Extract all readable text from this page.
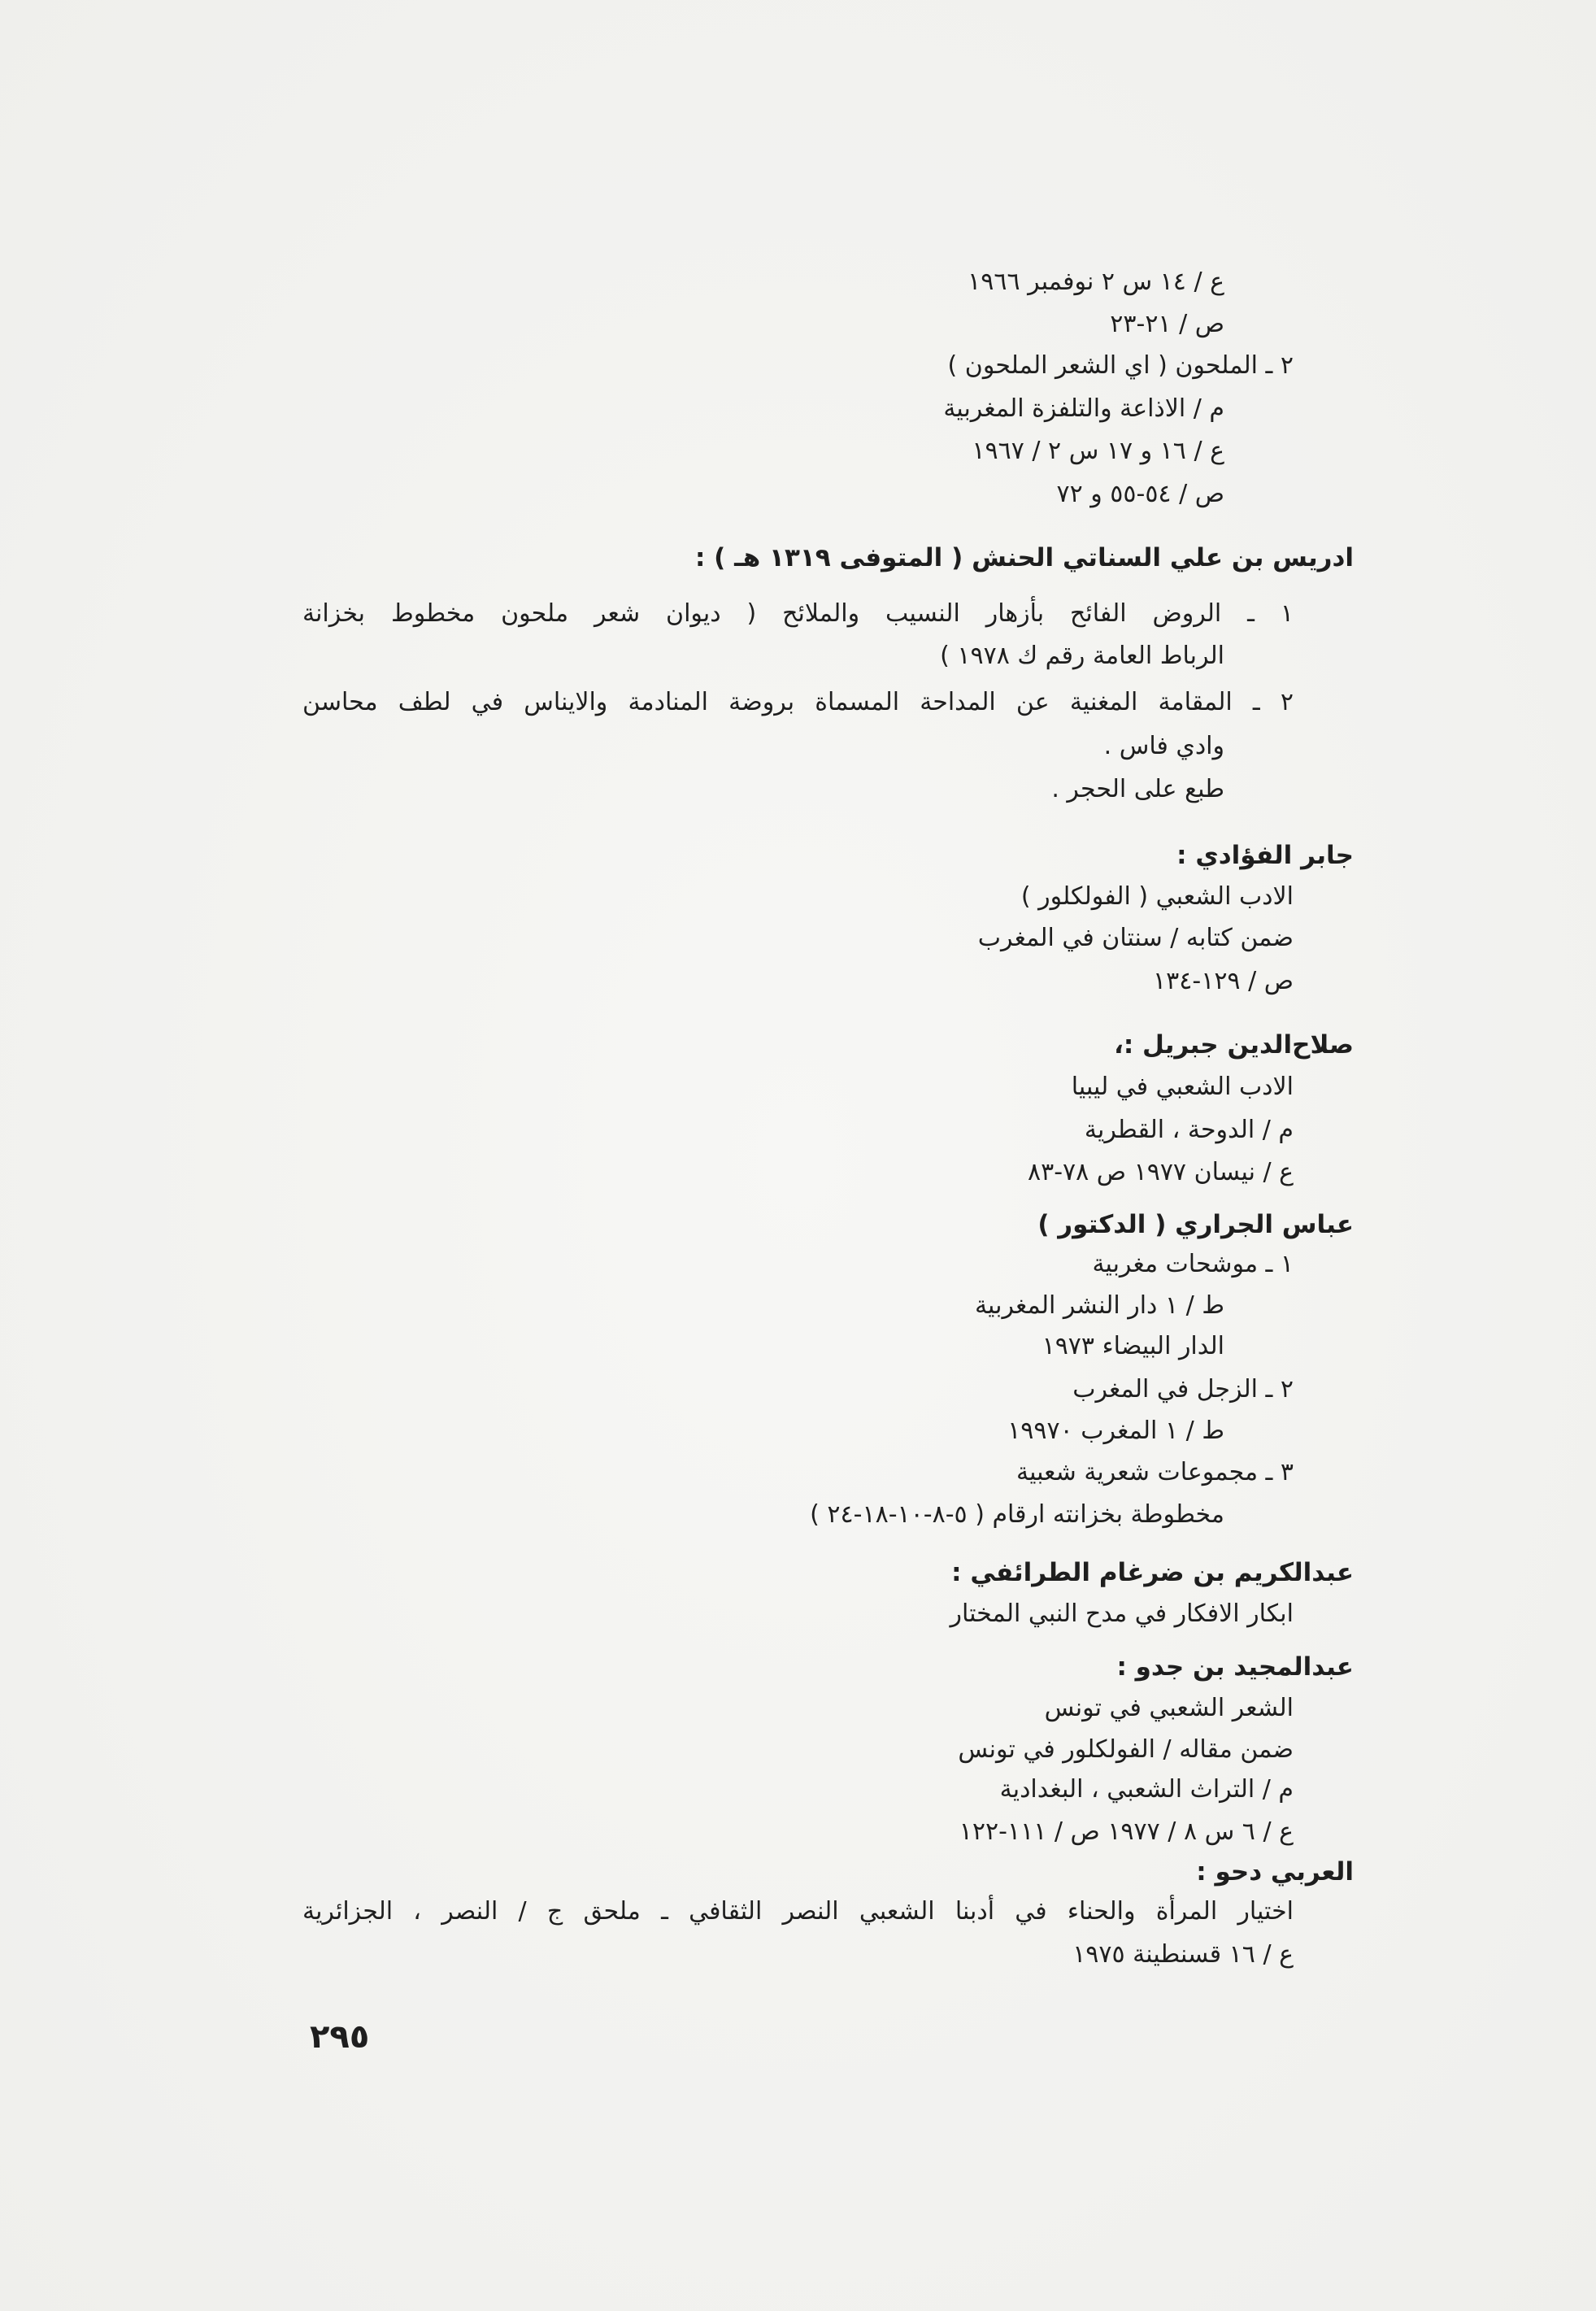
ع / ١٤ س ٢ نوفمبر ١٩٦٦
ص / ٢١-٢٣
٢ ـ الملحون ( اي الشعر الملحون )
م / الاذاعة والتلفزة المغربية
ع / ١٦ و ١٧ س ٢ / ١٩٦٧
ص / ٥٤-٥٥ و ٧٢
ادريس بن علي السناتي الحنش ( المتوفى ١٣١٩ هـ ) :
١ ـ الروض الفائح بأزهار النسيب والملائح ( ديوان شعر ملحون مخطوط بخزانة
الرباط العامة رقم ك ١٩٧٨ )
٢ ـ المقامة المغنية عن المداحة المسماة بروضة المنادمة والايناس في لطف محاسن
وادي فاس .
طبع على الحجر .
جابر الفؤادي :
الادب الشعبي ( الفولكلور )
ضمن كتابه / سنتان في المغرب
ص / ١٢٩-١٣٤
صلاح‌الدين جبريل :،
الادب الشعبي في ليبيا
م / الدوحة ، القطرية
ع / نيسان ١٩٧٧ ص ٧٨-٨٣
عباس الجراري ( الدكتور )
١ ـ موشحات مغربية
ط / ١ دار النشر المغربية
الدار البيضاء ١٩٧٣
٢ ـ الزجل في المغرب
ط / ١ المغرب ١٩٩٧٠
٣ ـ مجموعات شعرية شعبية
مخطوطة بخزانته ارقام ( ٥-٨-١٠-١٨-٢٤ )
عبدالكريم بن ضرغام الطرائفي :
ابكار الافكار في مدح النبي المختار
عبدالمجيد بن جدو :
الشعر الشعبي في تونس
ضمن مقاله / الفولكلور في تونس
م / التراث الشعبي ، البغدادية
ع / ٦ س ٨ / ١٩٧٧ ص / ١١١-١٢٢
العربي دحو :
اختيار المرأة والحناء في أدبنا الشعبي النصر الثقافي ـ ملحق ج / النصر ، الجزائرية
ع / ١٦ قسنطينة ١٩٧٥
٢٩٥
